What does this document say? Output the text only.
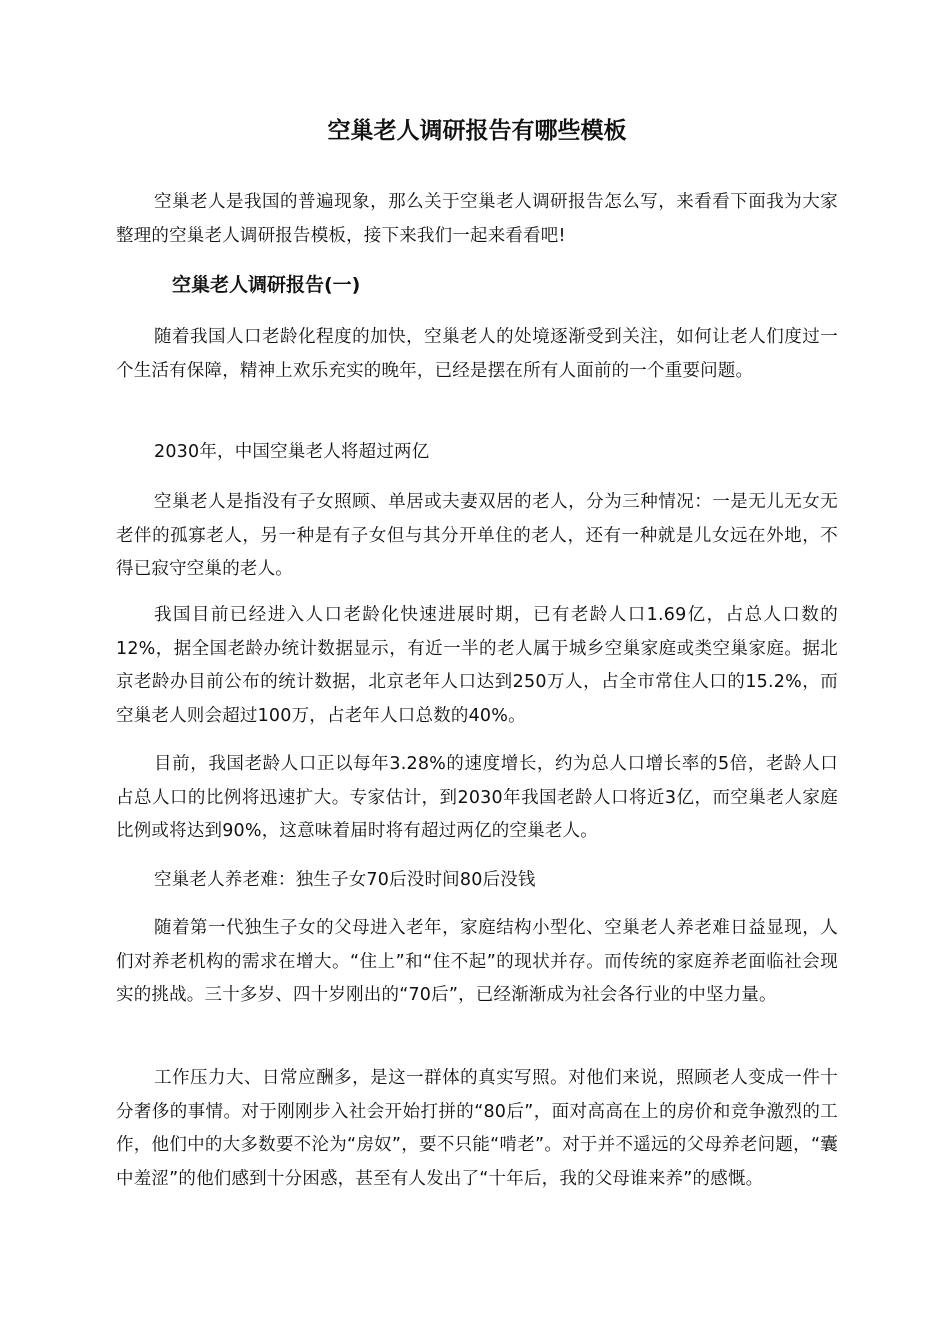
空巢老人调研报告有哪些模板

空巢老人是我国的普遍现象，那么关于空巢老人调研报告怎么写，来看看下面我为大家整理的空巢老人调研报告模板，接下来我们一起来看看吧!

空巢老人调研报告(一)

随着我国人口老龄化程度的加快，空巢老人的处境逐渐受到关注，如何让老人们度过一个生活有保障，精神上欢乐充实的晚年，已经是摆在所有人面前的一个重要问题。

2030年，中国空巢老人将超过两亿

空巢老人是指没有子女照顾、单居或夫妻双居的老人，分为三种情况：一是无儿无女无老伴的孤寡老人，另一种是有子女但与其分开单住的老人，还有一种就是儿女远在外地，不得已寂守空巢的老人。

我国目前已经进入人口老龄化快速进展时期，已有老龄人口1.69亿，占总人口数的12%，据全国老龄办统计数据显示，有近一半的老人属于城乡空巢家庭或类空巢家庭。据北京老龄办目前公布的统计数据，北京老年人口达到250万人，占全市常住人口的15.2%，而空巢老人则会超过100万，占老年人口总数的40%。

目前，我国老龄人口正以每年3.28%的速度增长，约为总人口增长率的5倍，老龄人口占总人口的比例将迅速扩大。专家估计，到2030年我国老龄人口将近3亿，而空巢老人家庭比例或将达到90%，这意味着届时将有超过两亿的空巢老人。

空巢老人养老难：独生子女70后没时间80后没钱

随着第一代独生子女的父母进入老年，家庭结构小型化、空巢老人养老难日益显现，人们对养老机构的需求在增大。“住上”和“住不起”的现状并存。而传统的家庭养老面临社会现实的挑战。三十多岁、四十岁刚出的“70后”，已经渐渐成为社会各行业的中坚力量。

工作压力大、日常应酬多，是这一群体的真实写照。对他们来说，照顾老人变成一件十分奢侈的事情。对于刚刚步入社会开始打拼的“80后”，面对高高在上的房价和竞争激烈的工作，他们中的大多数要不沦为“房奴”，要不只能“啃老”。对于并不遥远的父母养老问题，“囊中羞涩”的他们感到十分困惑，甚至有人发出了“十年后，我的父母谁来养”的感慨。
